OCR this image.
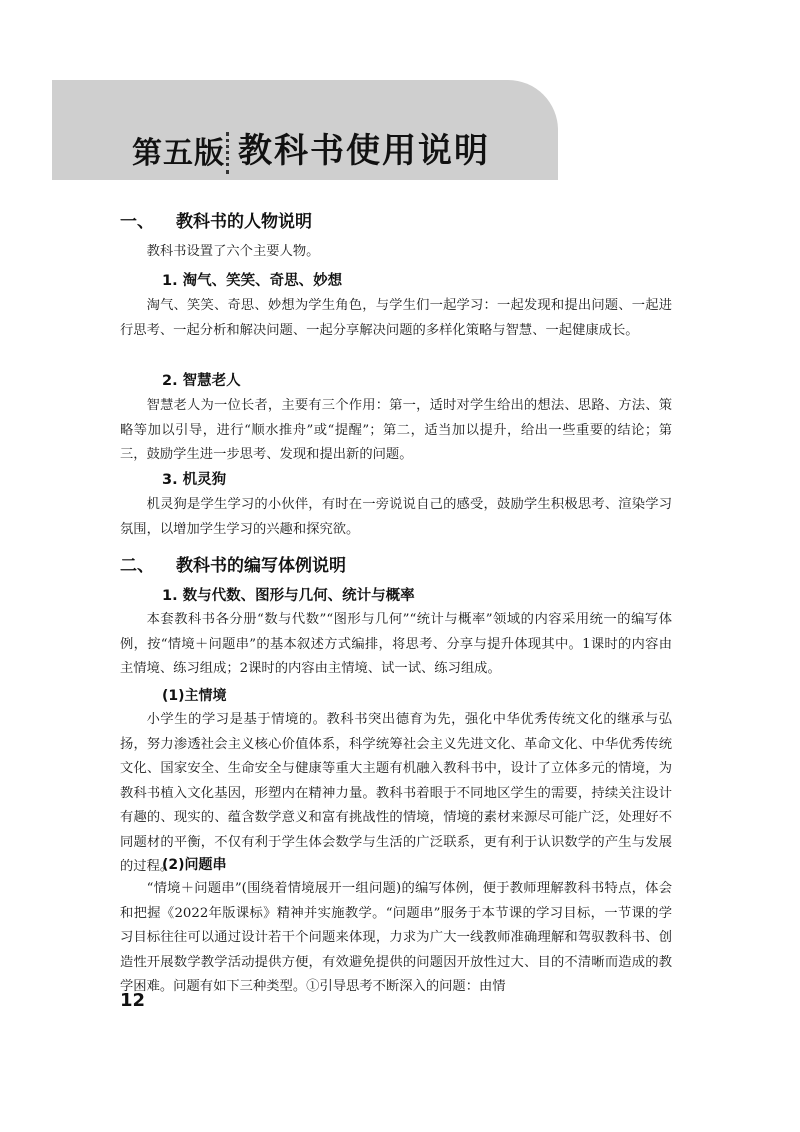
第五版 教科书使用说明
一、 教科书的人物说明

教科书设置了六个主要人物。

1. 淘气、笑笑、奇思、妙想

淘气、笑笑、奇思、妙想为学生角色，与学生们一起学习：一起发现和提出问题、一起进行思考、一起分析和解决问题、一起分享解决问题的多样化策略与智慧、一起健康成长。

2. 智慧老人

智慧老人为一位长者，主要有三个作用：第一，适时对学生给出的想法、思路、方法、策略等加以引导，进行“顺水推舟”或“提醒”；第二，适当加以提升，给出一些重要的结论；第三，鼓励学生进一步思考、发现和提出新的问题。

3. 机灵狗

机灵狗是学生学习的小伙伴，有时在一旁说说自己的感受，鼓励学生积极思考、渲染学习氛围，以增加学生学习的兴趣和探究欲。

二、 教科书的编写体例说明
1. 数与代数、图形与几何、统计与概率

本套教科书各分册“数与代数”“图形与几何”“统计与概率”领域的内容采用统一的编写体例，按“情境＋问题串”的基本叙述方式编排，将思考、分享与提升体现其中。1课时的内容由主情境、练习组成；2课时的内容由主情境、试一试、练习组成。

(1)主情境

小学生的学习是基于情境的。教科书突出德育为先，强化中华优秀传统文化的继承与弘扬，努力渗透社会主义核心价值体系，科学统筹社会主义先进文化、革命文化、中华优秀传统文化、国家安全、生命安全与健康等重大主题有机融入教科书中，设计了立体多元的情境，为教科书植入文化基因，形塑内在精神力量。教科书着眼于不同地区学生的需要，持续关注设计有趣的、现实的、蕴含数学意义和富有挑战性的情境，情境的素材来源尽可能广泛，处理好不同题材的平衡，不仅有利于学生体会数学与生活的广泛联系，更有利于认识数学的产生与发展的过程。

(2)问题串

“情境＋问题串”(围绕着情境展开一组问题)的编写体例，便于教师理解教科书特点，体会和把握《2022年版课标》精神并实施教学。“问题串”服务于本节课的学习目标，一节课的学习目标往往可以通过设计若干个问题来体现，力求为广大一线教师准确理解和驾驭教科书、创造性开展数学教学活动提供方便，有效避免提供的问题因开放性过大、目的不清晰而造成的教学困难。问题有如下三种类型。①引导思考不断深入的问题：由情

12
